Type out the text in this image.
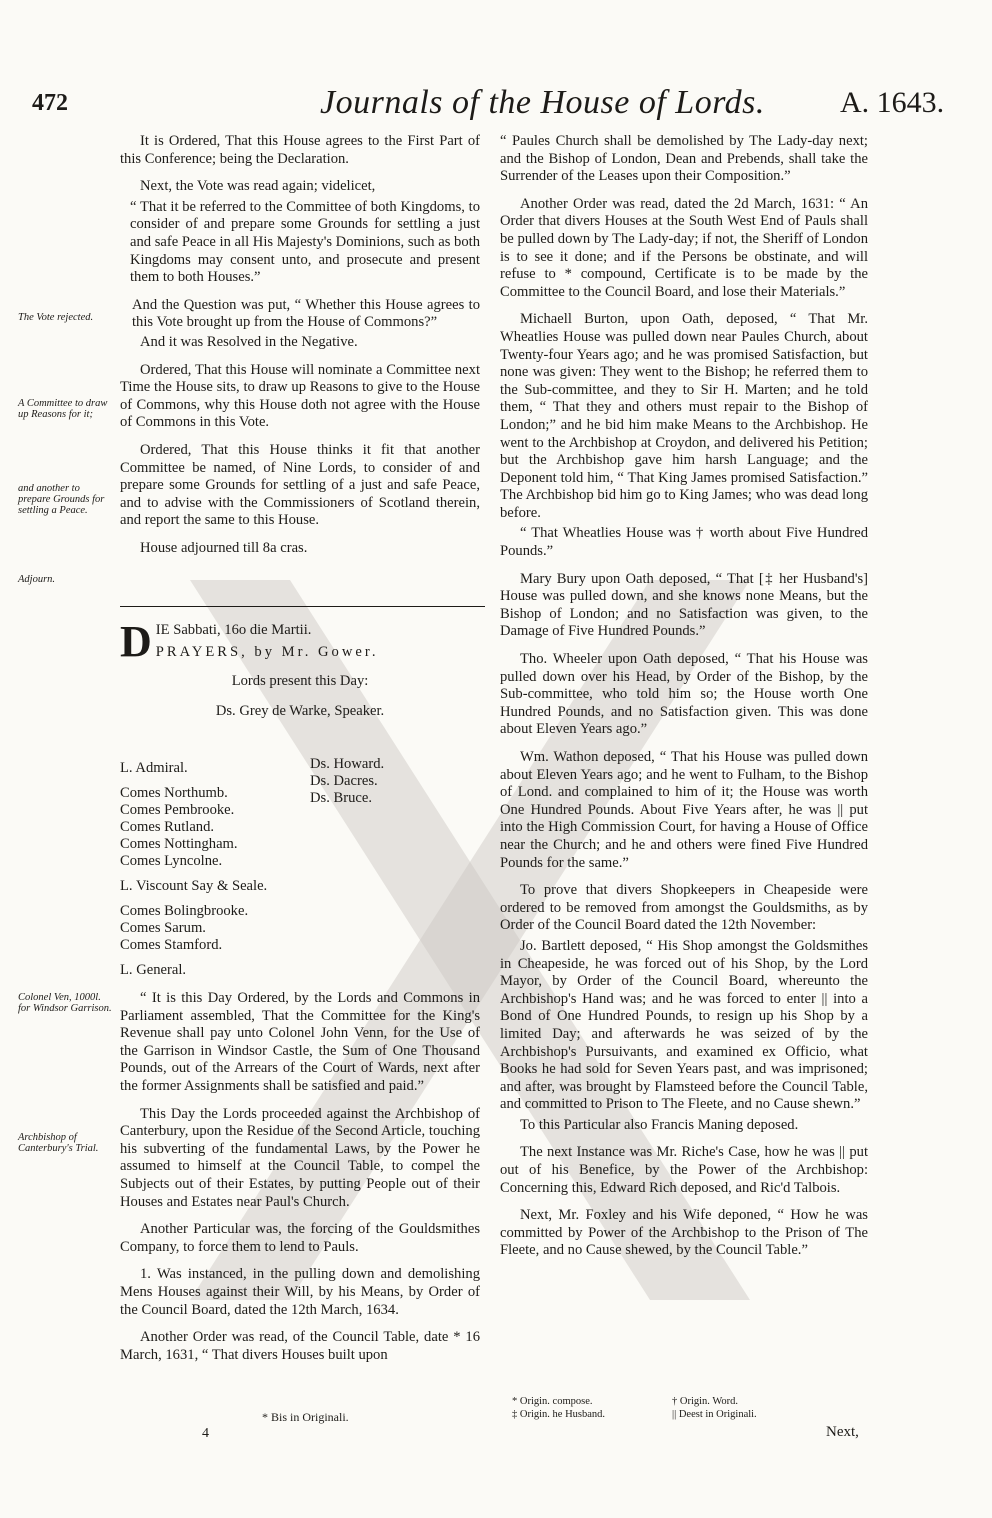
472	Journals of the House of Lords.	A. 1643.
The Vote rejected.
A Committee to draw up Reasons for it;
and another to prepare Grounds for settling a Peace.
Adjourn.
Colonel Ven, 1000l. for Windsor Garrison.
Archbishop of Canterbury's Trial.

It is Ordered, That this House agrees to the First Part of this Conference; being the Declaration.

Next, the Vote was read again; videlicet,

“ That it be referred to the Committee of both Kingdoms, to consider of and prepare some Grounds for settling a just and safe Peace in all His Majesty's Dominions, such as both Kingdoms may consent unto, and prosecute and present them to both Houses.”

And the Question was put, “ Whether this House agrees to this Vote brought up from the House of Commons?”

And it was Resolved in the Negative.

Ordered, That this House will nominate a Committee next Time the House sits, to draw up Reasons to give to the House of Commons, why this House doth not agree with the House of Commons in this Vote.

Ordered, That this House thinks it fit that another Committee be named, of Nine Lords, to consider of and prepare some Grounds for settling of a just and safe Peace, and to advise with the Commissioners of Scotland therein, and report the same to this House.

House adjourned till 8a cras.

D IE Sabbati, 16o die Martii.

PRAYERS, by Mr. Gower.

Lords present this Day:

Ds. Grey de Warke, Speaker.

L. Admiral.
Comes Northumb.
Comes Pembrooke.
Comes Rutland.
Comes Nottingham.
Comes Lyncolne.
L. Viscount Say & Seale.
Comes Bolingbrooke.
Comes Sarum.
Comes Stamford.
L. General.
Ds. Howard.
Ds. Dacres.
Ds. Bruce.

“ It is this Day Ordered, by the Lords and Commons in Parliament assembled, That the Committee for the King's Revenue shall pay unto Colonel John Venn, for the Use of the Garrison in Windsor Castle, the Sum of One Thousand Pounds, out of the Arrears of the Court of Wards, next after the former Assignments shall be satisfied and paid.”

This Day the Lords proceeded against the Archbishop of Canterbury, upon the Residue of the Second Article, touching his subverting of the fundamental Laws, by the Power he assumed to himself at the Council Table, to compel the Subjects out of their Estates, by putting People out of their Houses and Estates near Paul's Church.

Another Particular was, the forcing of the Gouldsmithes Company, to force them to lend to Pauls.

1. Was instanced, in the pulling down and demolishing Mens Houses against their Will, by his Means, by Order of the Council Board, dated the 12th March, 1634.

Another Order was read, of the Council Table, date * 16 March, 1631, “ That divers Houses built upon

“ Paules Church shall be demolished by The Lady-day next; and the Bishop of London, Dean and Prebends, shall take the Surrender of the Leases upon their Composition.”

Another Order was read, dated the 2d March, 1631: “ An Order that divers Houses at the South West End of Pauls shall be pulled down by The Lady-day; if not, the Sheriff of London is to see it done; and if the Persons be obstinate, and will refuse to * compound, Certificate is to be made by the Committee to the Council Board, and lose their Materials.”

Michaell Burton, upon Oath, deposed, “ That Mr. Wheatlies House was pulled down near Paules Church, about Twenty-four Years ago; and he was promised Satisfaction, but none was given: They went to the Bishop; he referred them to the Sub-committee, and they to Sir H. Marten; and he told them, “ That they and others must repair to the Bishop of London;” and he bid him make Means to the Archbishop. He went to the Archbishop at Croydon, and delivered his Petition; but the Archbishop gave him harsh Language; and the Deponent told him, “ That King James promised Satisfaction.” The Archbishop bid him go to King James; who was dead long before.

“ That Wheatlies House was † worth about Five Hundred Pounds.”

Mary Bury upon Oath deposed, “ That [‡ her Husband's] House was pulled down, and she knows none Means, but the Bishop of London; and no Satisfaction was given, to the Damage of Five Hundred Pounds.”

Tho. Wheeler upon Oath deposed, “ That his House was pulled down over his Head, by Order of the Bishop, by the Sub-committee, who told him so; the House worth One Hundred Pounds, and no Satisfaction given. This was done about Eleven Years ago.”

Wm. Wathon deposed, “ That his House was pulled down about Eleven Years ago; and he went to Fulham, to the Bishop of Lond. and complained to him of it; the House was worth One Hundred Pounds. About Five Years after, he was || put into the High Commission Court, for having a House of Office near the Church; and he and others were fined Five Hundred Pounds for the same.”

To prove that divers Shopkeepers in Cheapeside were ordered to be removed from amongst the Gouldsmiths, as by Order of the Council Board dated the 12th November:

Jo. Bartlett deposed, “ His Shop amongst the Goldsmithes in Cheapeside, he was forced out of his Shop, by the Lord Mayor, by Order of the Council Board, whereunto the Archbishop's Hand was; and he was forced to enter || into a Bond of One Hundred Pounds, to resign up his Shop by a limited Day; and afterwards he was seized of by the Archbishop's Pursuivants, and examined ex Officio, what Books he had sold for Seven Years past, and was imprisoned; and after, was brought by Flamsteed before the Council Table, and committed to Prison to The Fleete, and no Cause shewn.”

To this Particular also Francis Maning deposed.

The next Instance was Mr. Riche's Case, how he was || put out of his Benefice, by the Power of the Archbishop: Concerning this, Edward Rich deposed, and Ric'd Talbois.

Next, Mr. Foxley and his Wife deponed, “ How he was committed by Power of the Archbishop to the Prison of The Fleete, and no Cause shewed, by the Council Table.”

* Origin. compose.	† Origin. Word.
‡ Origin. he Husband.	|| Deest in Originali.
* Bis in Originali.
4	Next,
